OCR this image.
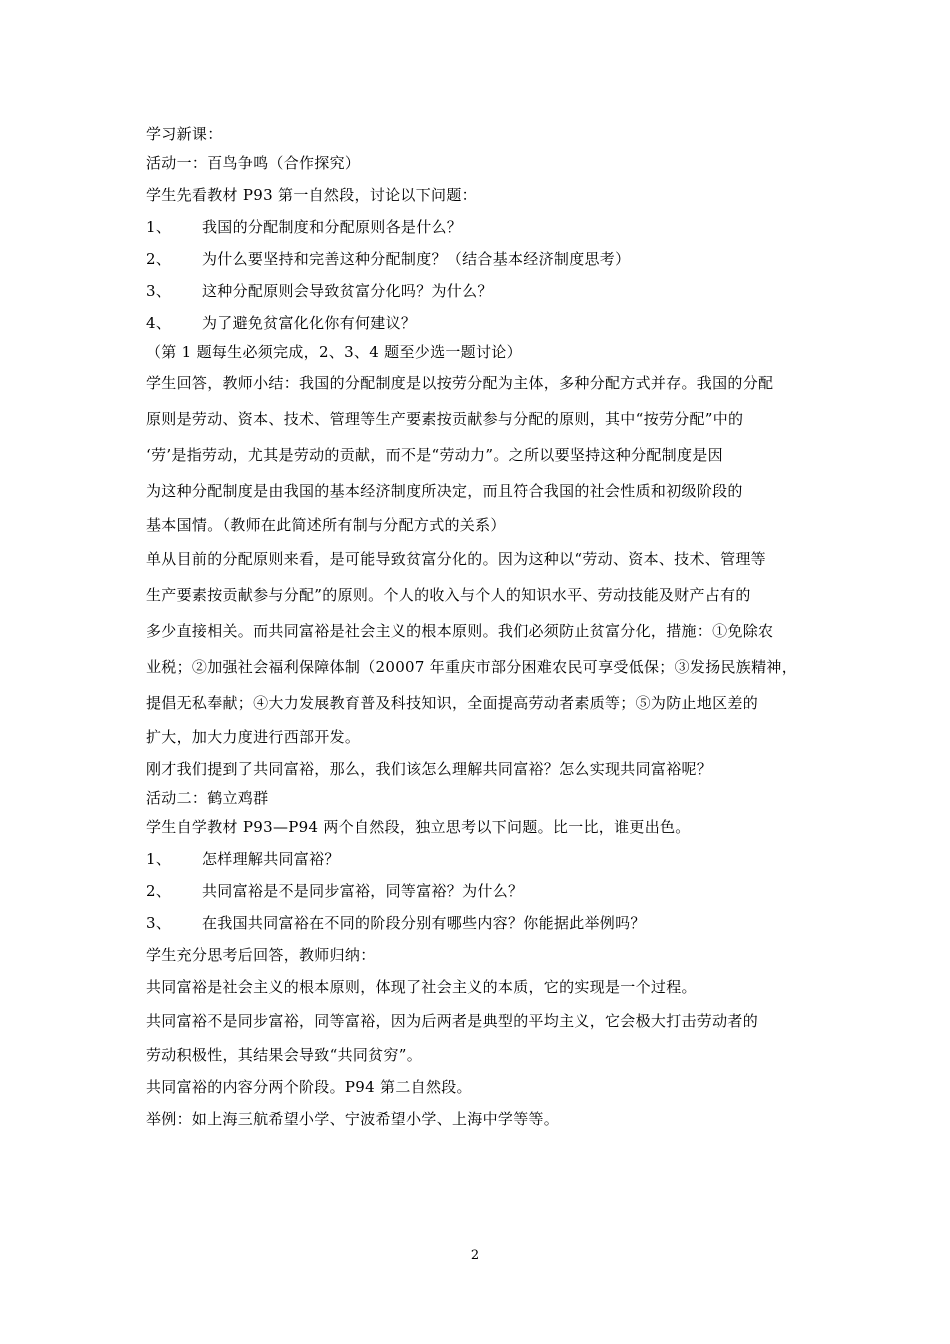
学习新课：
活动一：百鸟争鸣（合作探究）
学生先看教材 P93 第一自然段，讨论以下问题：
1、 我国的分配制度和分配原则各是什么？
2、 为什么要坚持和完善这种分配制度？（结合基本经济制度思考）
3、 这种分配原则会导致贫富分化吗？为什么？
4、 为了避免贫富化化你有何建议？
（第 1 题每生必须完成，2、3、4 题至少选一题讨论）
学生回答，教师小结：我国的分配制度是以按劳分配为主体，多种分配方式并存。我国的分配
原则是劳动、资本、技术、管理等生产要素按贡献参与分配的原则，其中“按劳分配”中的
‘劳’是指劳动，尤其是劳动的贡献，而不是“劳动力”。之所以要坚持这种分配制度是因
为这种分配制度是由我国的基本经济制度所决定，而且符合我国的社会性质和初级阶段的
基本国情。（教师在此简述所有制与分配方式的关系）
单从目前的分配原则来看，是可能导致贫富分化的。因为这种以“劳动、资本、技术、管理等
生产要素按贡献参与分配”的原则。个人的收入与个人的知识水平、劳动技能及财产占有的
多少直接相关。而共同富裕是社会主义的根本原则。我们必须防止贫富分化，措施：①免除农
业税；②加强社会福利保障体制（20007 年重庆市部分困难农民可享受低保；③发扬民族精神，
提倡无私奉献；④大力发展教育普及科技知识，全面提高劳动者素质等；⑤为防止地区差的
扩大，加大力度进行西部开发。
刚才我们提到了共同富裕，那么，我们该怎么理解共同富裕？怎么实现共同富裕呢？
活动二：鹤立鸡群
学生自学教材 P93—P94 两个自然段，独立思考以下问题。比一比，谁更出色。
1、 怎样理解共同富裕？
2、 共同富裕是不是同步富裕，同等富裕？为什么？
3、 在我国共同富裕在不同的阶段分别有哪些内容？你能据此举例吗？
学生充分思考后回答，教师归纳：
共同富裕是社会主义的根本原则，体现了社会主义的本质，它的实现是一个过程。
共同富裕不是同步富裕，同等富裕，因为后两者是典型的平均主义，它会极大打击劳动者的
劳动积极性，其结果会导致“共同贫穷”。
共同富裕的内容分两个阶段。P94 第二自然段。
举例：如上海三航希望小学、宁波希望小学、上海中学等等。
2
